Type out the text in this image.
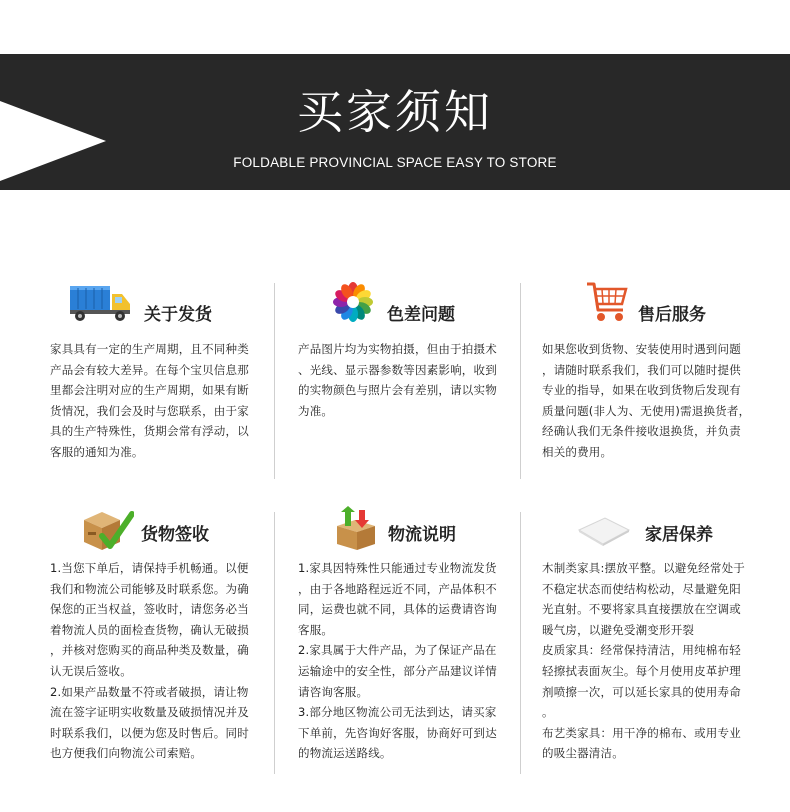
买家须知
FOLDABLE PROVINCIAL SPACE EASY TO STORE
关于发货

家具具有一定的生产周期，且不同种类

产品会有较大差异。在每个宝贝信息那

里都会注明对应的生产周期，如果有断

货情况，我们会及时与您联系，由于家

具的生产特殊性，货期会常有浮动，以

客服的通知为准。

色差问题

产品图片均为实物拍摄，但由于拍摄术

、光线、显示器参数等因素影响，收到

的实物颜色与照片会有差别，请以实物

为准。

售后服务

如果您收到货物、安装使用时遇到问题

，请随时联系我们，我们可以随时提供

专业的指导，如果在收到货物后发现有

质量问题(非人为、无使用)需退换货者，

经确认我们无条件接收退换货，并负责

相关的费用。

货物签收

1.当您下单后，请保持手机畅通。以便

我们和物流公司能够及时联系您。为确

保您的正当权益，签收时，请您务必当

着物流人员的面检查货物，确认无破损

，并核对您购买的商品种类及数量，确

认无误后签收。

2.如果产品数量不符或者破损，请让物

流在签字证明实收数量及破损情况并及

时联系我们，以便为您及时售后。同时

也方便我们向物流公司索赔。

物流说明

1.家具因特殊性只能通过专业物流发货

，由于各地路程远近不同，产品体积不

同，运费也就不同，具体的运费请咨询

客服。

2.家具属于大件产品，为了保证产品在

运输途中的安全性，部分产品建议详情

请咨询客服。

3.部分地区物流公司无法到达，请买家

下单前，先咨询好客服，协商好可到达

的物流运送路线。

家居保养

木制类家具:摆放平整。以避免经常处于

不稳定状态而使结构松动，尽量避免阳

光直射。不要将家具直接摆放在空调或

暖气房，以避免受潮变形开裂

皮质家具：经常保持清洁，用纯棉布轻

轻擦拭表面灰尘。每个月使用皮革护理

剂喷擦一次，可以延长家具的使用寿命

。

布艺类家具：用干净的棉布、或用专业

的吸尘器清洁。
